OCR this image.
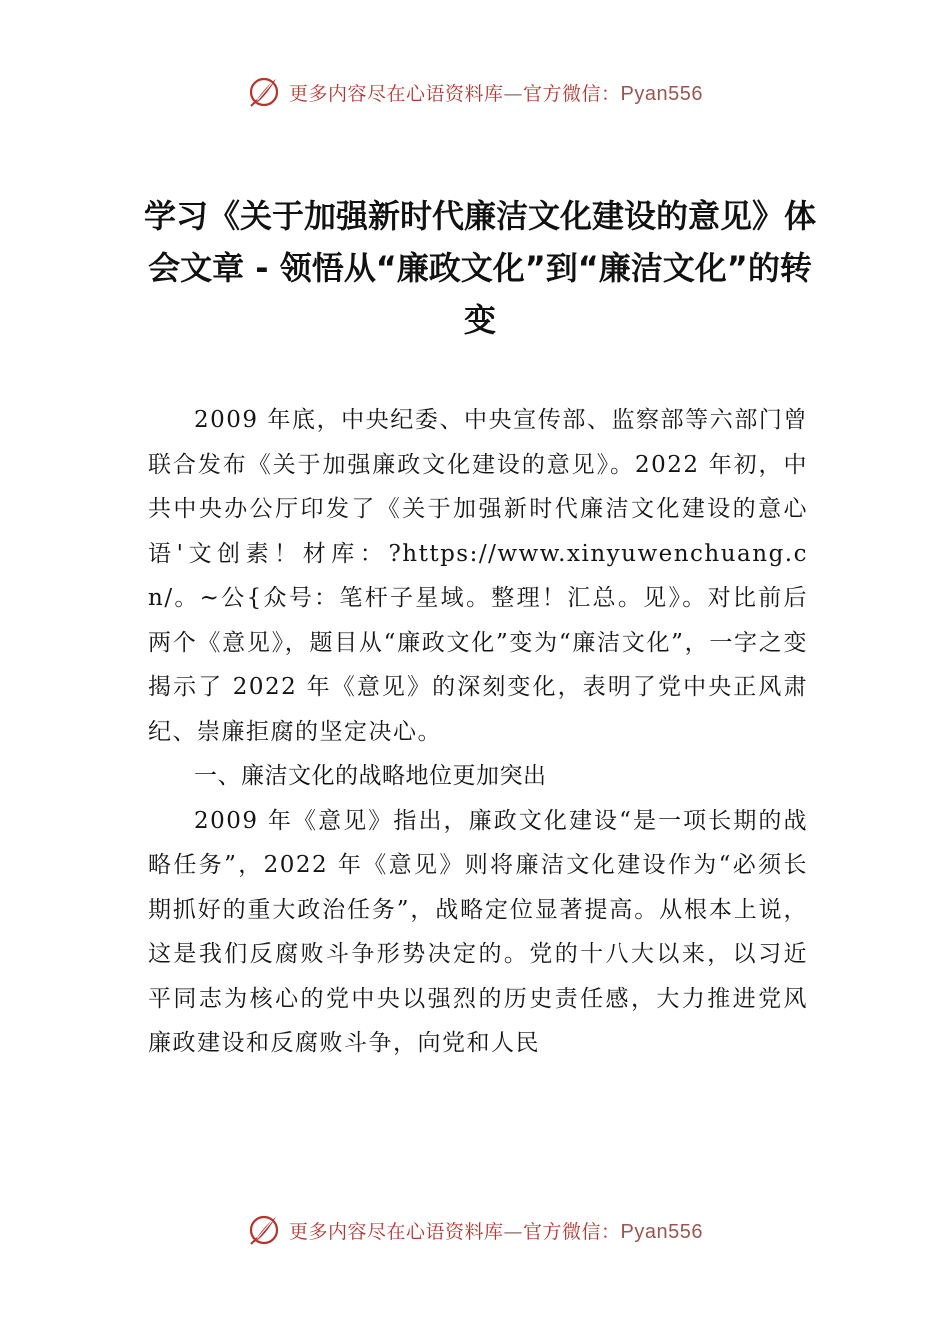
更多内容尽在心语资料库—官方微信：Pyan556
学习《关于加强新时代廉洁文化建设的意见》体会文章 - 领悟从“廉政文化”到“廉洁文化”的转变

2009 年底，中央纪委、中央宣传部、监察部等六部门曾联合发布《关于加强廉政文化建设的意见》。2022 年初，中共中央办公厅印发了《关于加强新时代廉洁文化建设的意心语'文创素！材库：?https://www.xinyuwenchuang.cn/。~公{众号：笔杆子星域。整理！汇总。见》。对比前后两个《意见》，题目从“廉政文化”变为“廉洁文化”，一字之变揭示了 2022 年《意见》的深刻变化，表明了党中央正风肃纪、崇廉拒腐的坚定决心。

一、廉洁文化的战略地位更加突出

2009 年《意见》指出，廉政文化建设“是一项长期的战略任务”，2022 年《意见》则将廉洁文化建设作为“必须长期抓好的重大政治任务”，战略定位显著提高。从根本上说，这是我们反腐败斗争形势决定的。党的十八大以来，以习近平同志为核心的党中央以强烈的历史责任感，大力推进党风廉政建设和反腐败斗争，向党和人民

更多内容尽在心语资料库—官方微信：Pyan556
